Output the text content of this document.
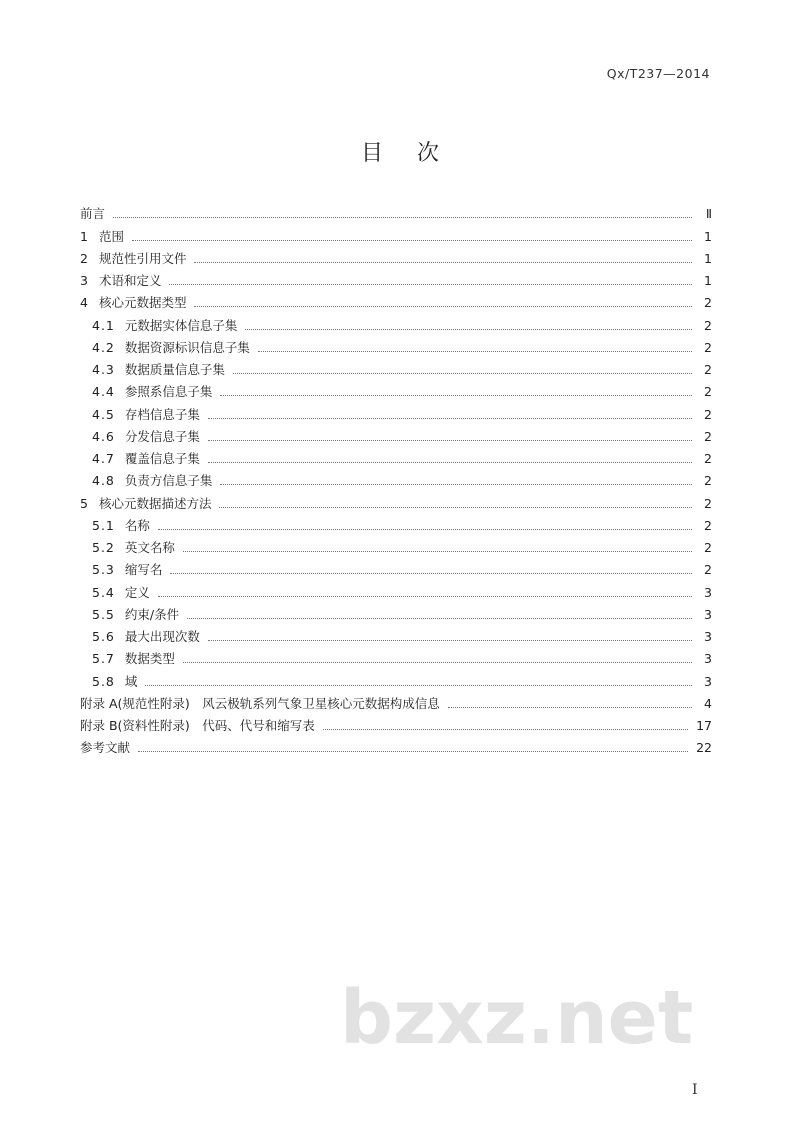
Qx/T237—2014
目次
前言	Ⅱ
1 范围	1
2 规范性引用文件	1
3 术语和定义	1
4 核心元数据类型	2
4.1 元数据实体信息子集	2
4.2 数据资源标识信息子集	2
4.3 数据质量信息子集	2
4.4 参照系信息子集	2
4.5 存档信息子集	2
4.6 分发信息子集	2
4.7 覆盖信息子集	2
4.8 负责方信息子集	2
5 核心元数据描述方法	2
5.1 名称	2
5.2 英文名称	2
5.3 缩写名	2
5.4 定义	3
5.5 约束/条件	3
5.6 最大出现次数	3
5.7 数据类型	3
5.8 域	3
附录 A(规范性附录)　风云极轨系列气象卫星核心元数据构成信息	4
附录 B(资料性附录)　代码、代号和缩写表	17
参考文献	22
bzxz.net
I
